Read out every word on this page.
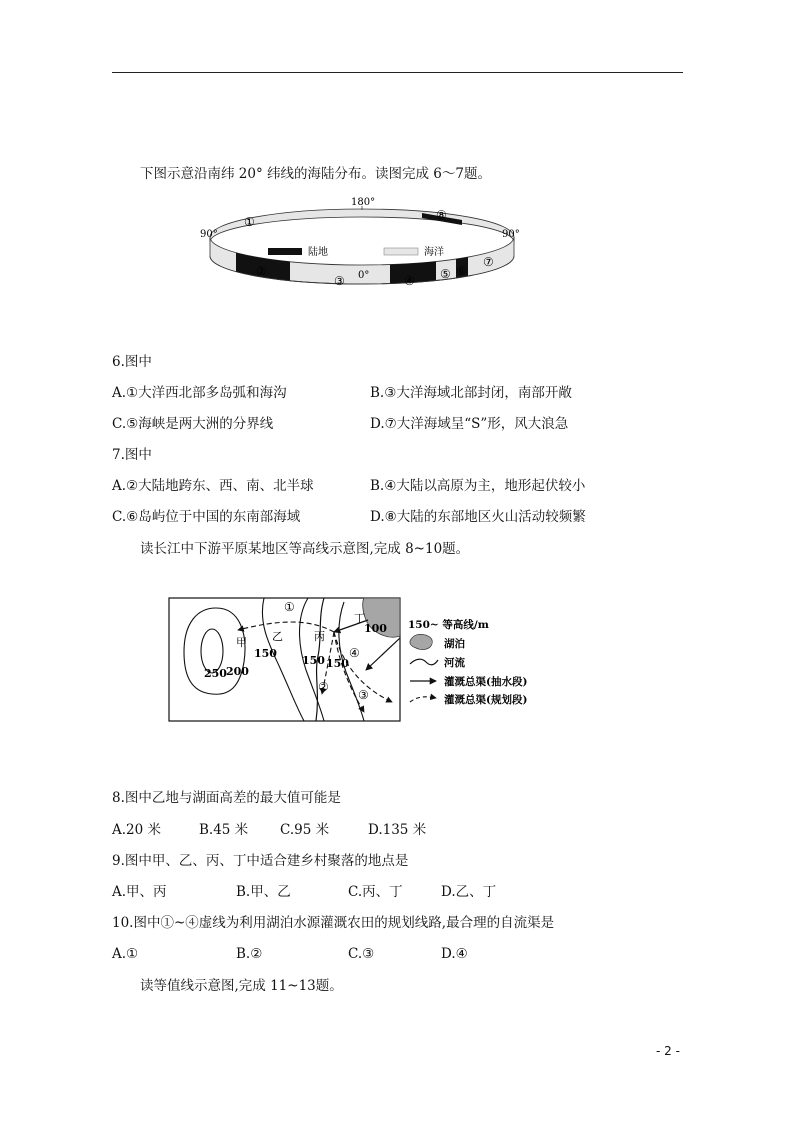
下图示意沿南纬 20° 纬线的海陆分布。读图完成 6～7题。
陆地	海洋
90°	90°
180°
0°
①
②
③	④ ⑤ ⑥
⑦
⑧
6.图中
A.①大洋西北部多岛弧和海沟	B.③大洋海域北部封闭，南部开敞
C.⑤海峡是两大洲的分界线	D.⑦大洋海域呈“S”形，风大浪急
7.图中
A.②大陆地跨东、西、南、北半球	B.④大陆以高原为主，地形起伏较小
C.⑥岛屿位于中国的东南部海域	D.⑧大陆的东部地区火山活动较频繁
读长江中下游平原某地区等高线示意图,完成 8~10题。
甲 乙	丙
丁
250 200
150
150 150
100
①
②
③
④
150~ 等高线/m
湖泊
河流
灌溉总渠(抽水段)
灌溉总渠(规划段)
8.图中乙地与湖面高差的最大值可能是
A.20 米	B.45 米 C.95 米	D.135 米
9.图中甲、乙、丙、丁中适合建乡村聚落的地点是
A.甲、丙	B.甲、乙	C.丙、丁	D.乙、丁
10.图中①~④虚线为利用湖泊水源灌溉农田的规划线路,最合理的自流渠是
A.①	B.②	C.③	D.④
读等值线示意图,完成 11~13题。
- 2 -
